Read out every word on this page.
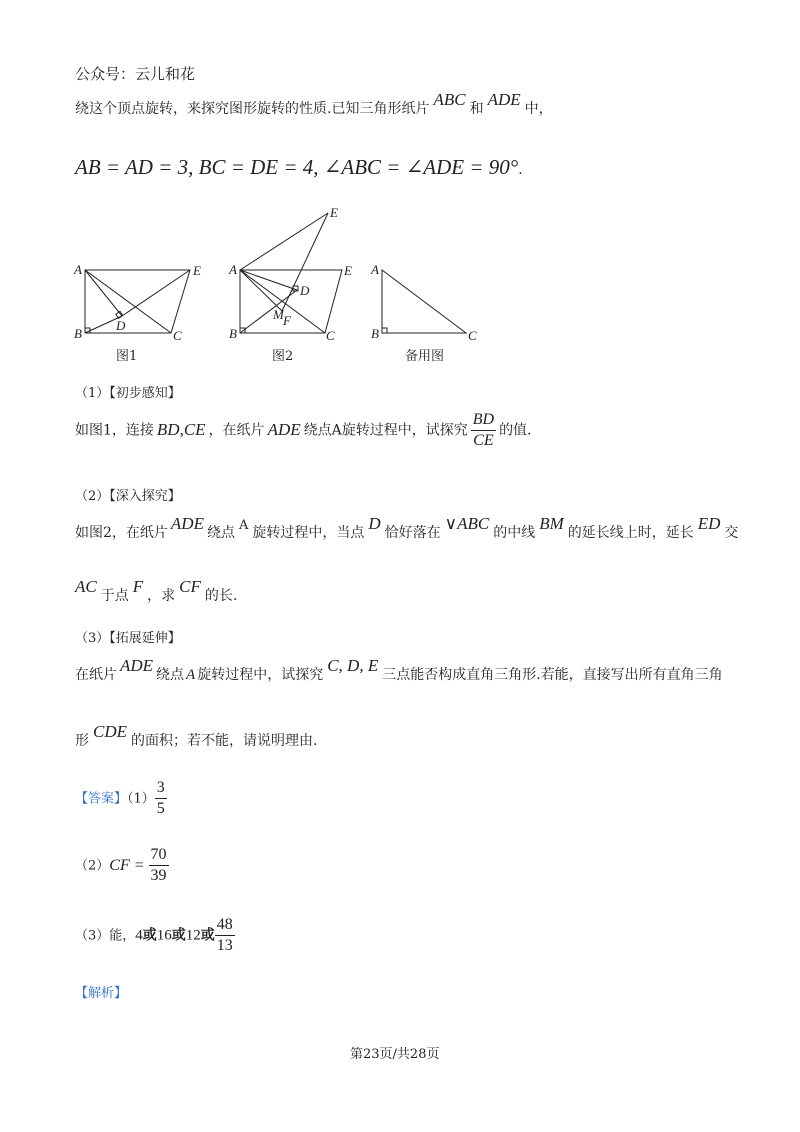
公众号：云儿和花
绕这个顶点旋转，来探究图形旋转的性质.已知三角形纸片 ABC 和 ADE 中，
AB = AD = 3, BC = DE = 4, ∠ABC = ∠ADE = 90°.
A	E
B	C
D
图1
A	E
B	C
D
M F
E
图2
A
B	C
备用图
（1）【初步感知】
如图1，连接 BD,CE ，在纸片 ADE 绕点A旋转过程中，试探究 $\frac{BD}{CE}$ 的值.
（2）【深入探究】
如图2，在纸片 ADE 绕点 A 旋转过程中，当点 D 恰好落在 ∨ABC 的中线 BM 的延长线上时，延长 ED 交
AC 于点 F ，求 CF 的长.
（3）【拓展延伸】
在纸片 ADE 绕点 A 旋转过程中，试探究 C, D, E 三点能否构成直角三角形.若能，直接写出所有直角三角
形 CDE 的面积；若不能，请说明理由.
【答案】$(1) \frac{3}{5}$
$(2)CF = \frac{70}{39}$
（3）能，4或16或12或 $\frac{48}{13}$
【解析】
第23页/共28页
